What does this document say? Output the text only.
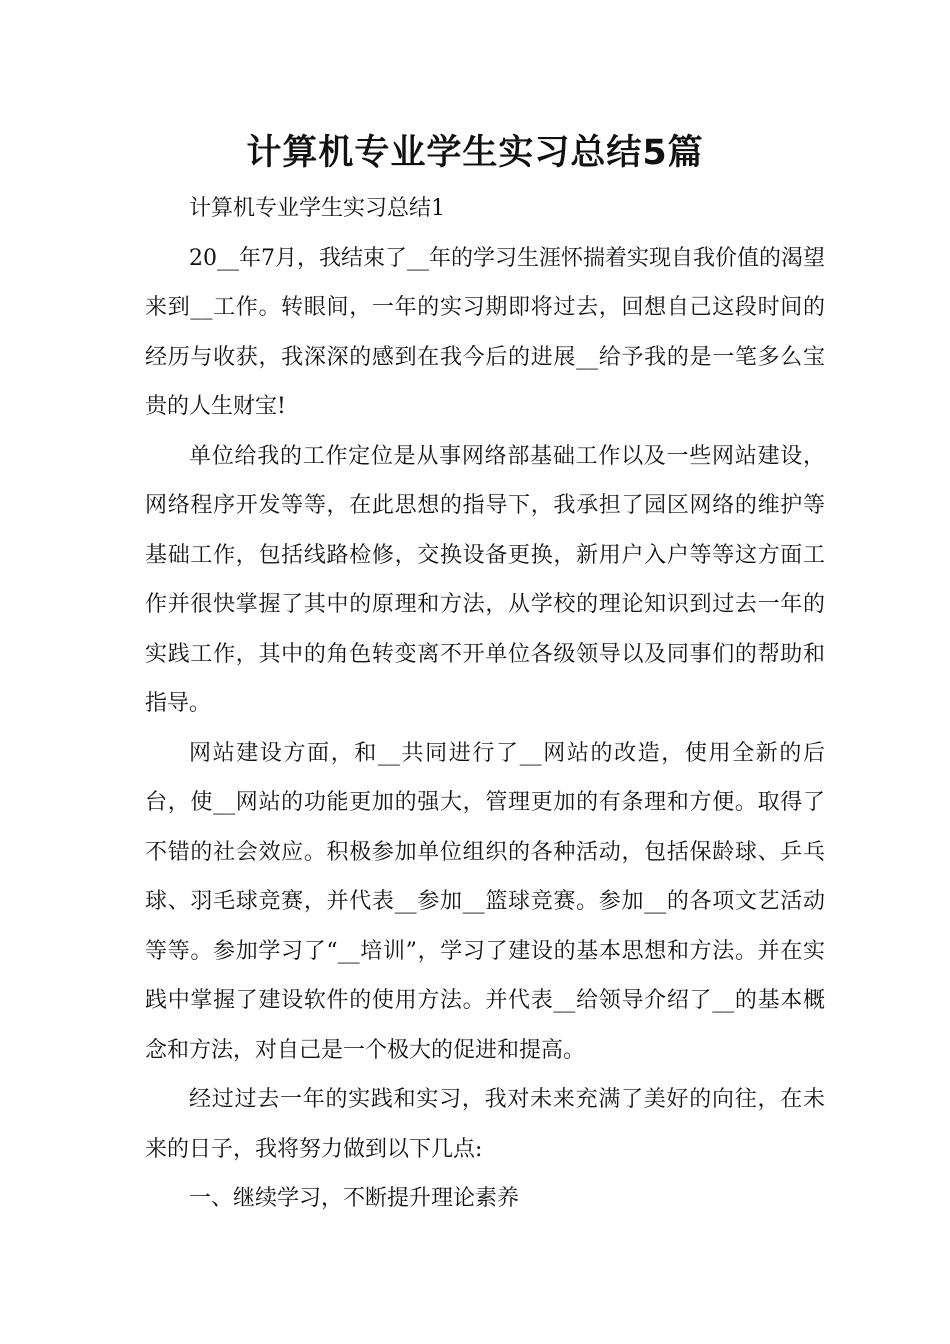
计算机专业学生实习总结5篇

计算机专业学生实习总结1

20__年7月，我结束了__年的学习生涯怀揣着实现自我价值的渴望来到__工作。转眼间，一年的实习期即将过去，回想自己这段时间的经历与收获，我深深的感到在我今后的进展__给予我的是一笔多么宝贵的人生财宝!

单位给我的工作定位是从事网络部基础工作以及一些网站建设，网络程序开发等等，在此思想的指导下，我承担了园区网络的维护等基础工作，包括线路检修，交换设备更换，新用户入户等等这方面工作并很快掌握了其中的原理和方法，从学校的理论知识到过去一年的实践工作，其中的角色转变离不开单位各级领导以及同事们的帮助和指导。

网站建设方面，和__共同进行了__网站的改造，使用全新的后台，使__网站的功能更加的强大，管理更加的有条理和方便。取得了不错的社会效应。积极参加单位组织的各种活动，包括保龄球、乒乓球、羽毛球竞赛，并代表__参加__篮球竞赛。参加__的各项文艺活动等等。参加学习了“__培训”，学习了建设的基本思想和方法。并在实践中掌握了建设软件的使用方法。并代表__给领导介绍了__的基本概念和方法，对自己是一个极大的促进和提高。

经过过去一年的实践和实习，我对未来充满了美好的向往，在未来的日子，我将努力做到以下几点:

一、继续学习，不断提升理论素养
